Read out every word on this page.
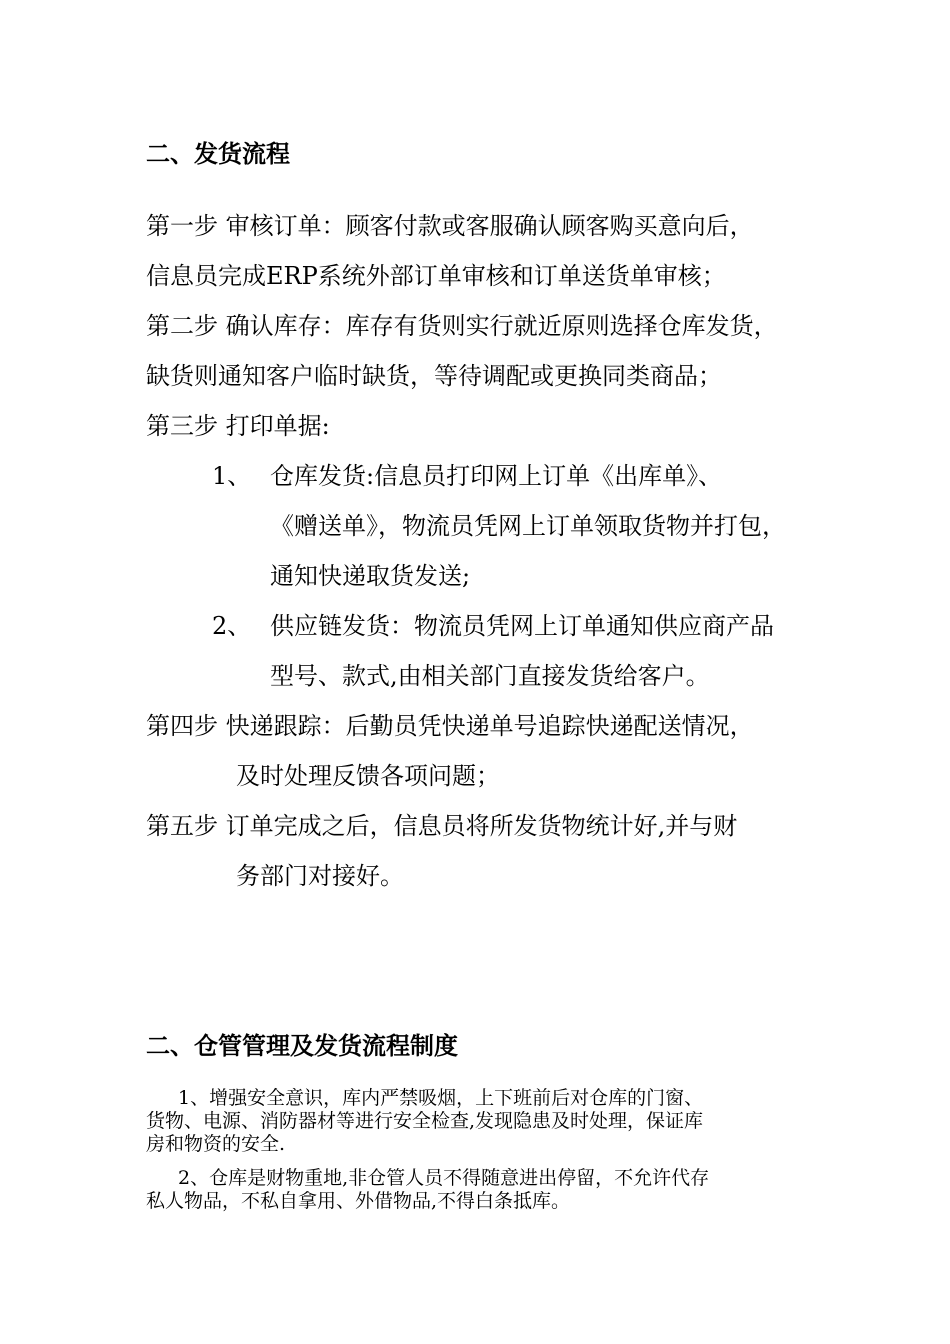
二、发货流程
第一步 审核订单：顾客付款或客服确认顾客购买意向后，
信息员完成ERP系统外部订单审核和订单送货单审核；
第二步 确认库存：库存有货则实行就近原则选择仓库发货，
缺货则通知客户临时缺货，等待调配或更换同类商品；
第三步 打印单据:
1、 仓库发货:信息员打印网上订单《出库单》、
《赠送单》，物流员凭网上订单领取货物并打包，
通知快递取货发送;
2、 供应链发货：物流员凭网上订单通知供应商产品
型号、款式,由相关部门直接发货给客户。
第四步 快递跟踪：后勤员凭快递单号追踪快递配送情况，
及时处理反馈各项问题；
第五步 订单完成之后，信息员将所发货物统计好,并与财
务部门对接好。
二、仓管管理及发货流程制度
1、增强安全意识，库内严禁吸烟，上下班前后对仓库的门窗、
货物、电源、消防器材等进行安全检查,发现隐患及时处理，保证库
房和物资的安全.
2、仓库是财物重地,非仓管人员不得随意进出停留，不允许代存
私人物品，不私自拿用、外借物品,不得白条抵库。
